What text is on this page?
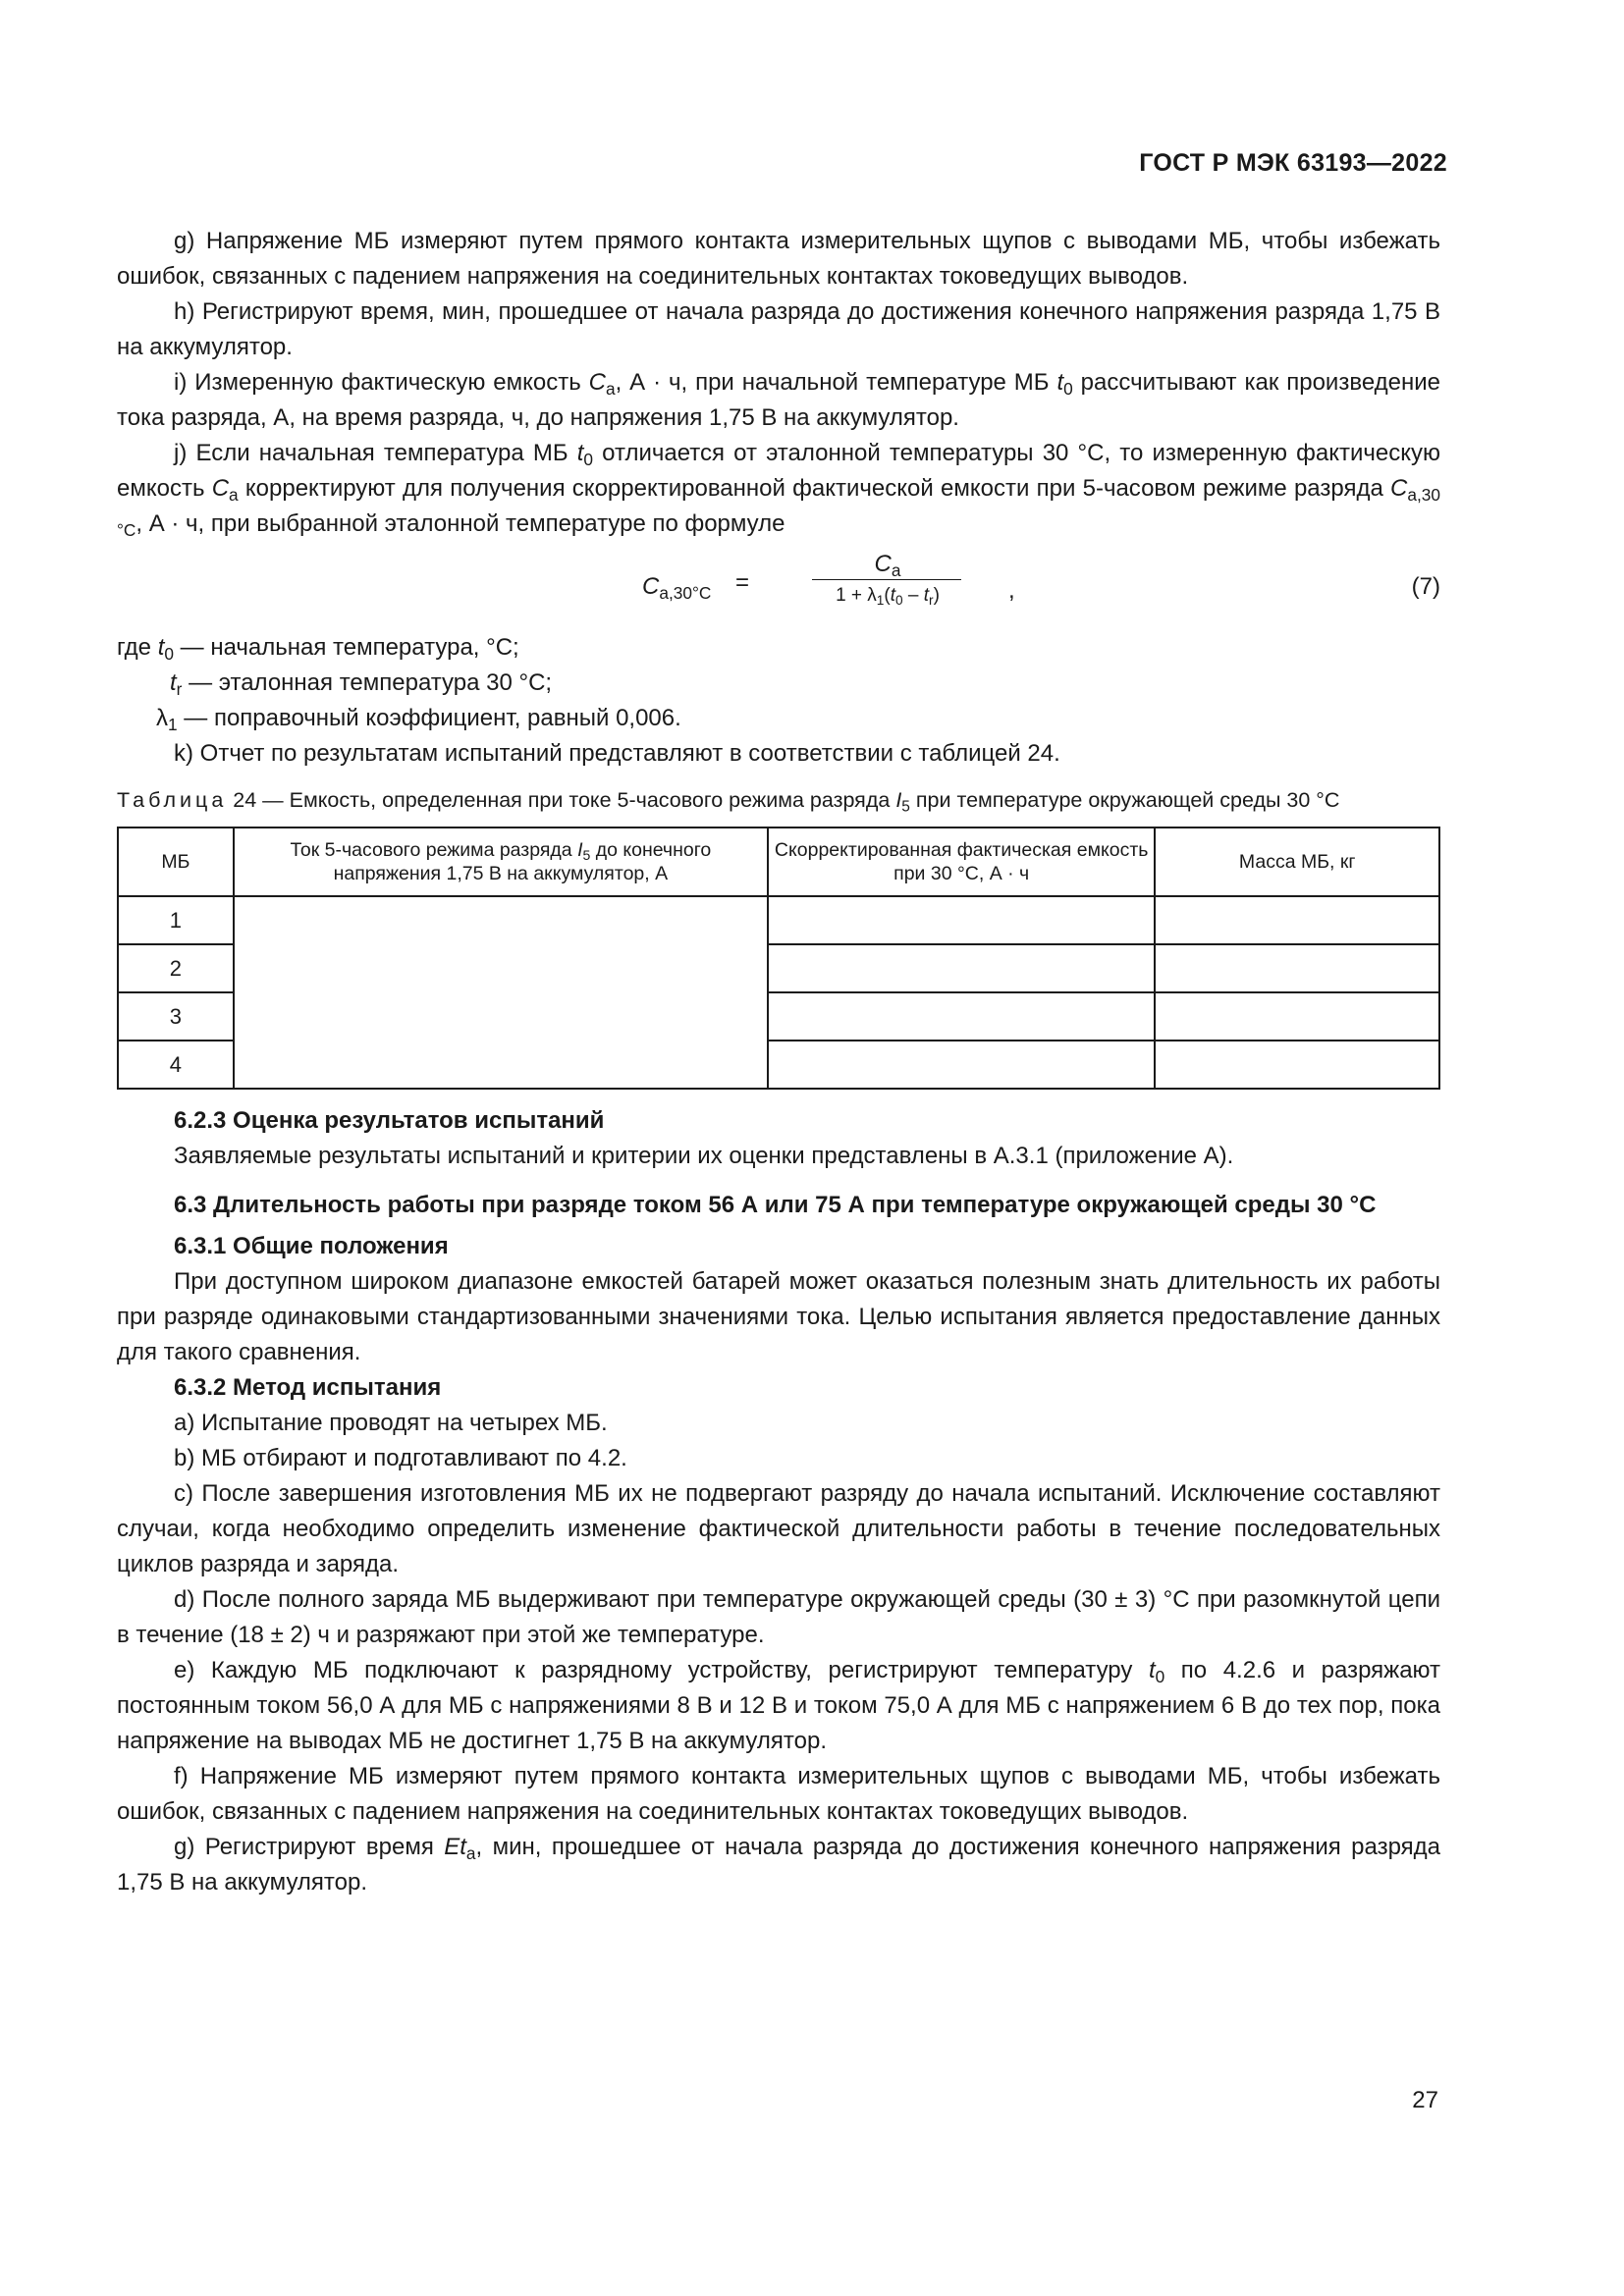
ГОСТ Р МЭК 63193—2022

g) Напряжение МБ измеряют путем прямого контакта измерительных щупов с выводами МБ, чтобы избежать ошибок, связанных с падением напряжения на соединительных контактах токоведущих выводов.

h) Регистрируют время, мин, прошедшее от начала разряда до достижения конечного напряжения разряда 1,75 В на аккумулятор.

i) Измеренную фактическую емкость $C_a$, А · ч, при начальной температуре МБ $t_0$ рассчитывают как произведение тока разряда, А, на время разряда, ч, до напряжения 1,75 В на аккумулятор.

j) Если начальная температура МБ $t_0$ отличается от эталонной температуры 30 °C, то измеренную фактическую емкость $C_a$ корректируют для получения скорректированной фактической емкости при 5-часовом режиме разряда $C_{a,30 ^\circ C}$, А · ч, при выбранной эталонной температуре по формуле

$C_{a,30^\circ C}$ =
$C_a$
$1 + \lambda_1(t_0 - t_r)$	,	(7)
где $t_0$ — начальная температура, °C;
$t_r$ — эталонная температура 30 °C;
$\lambda_1$ — поправочный коэффициент, равный 0,006.

k) Отчет по результатам испытаний представляют в соответствии с таблицей 24.

Таблица 24 — Емкость, определенная при токе 5-часового режима разряда $I_5$ при температуре окружающей среды 30 °C
МБ	Ток 5-часового режима разряда $I_5$ до конечного напряжения 1,75 В на аккумулятор, А	Скорректированная фактическая емкость при 30 °C, А · ч	Масса МБ, кг
1			
2			
3			
4			

6.2.3 Оценка результатов испытаний

Заявляемые результаты испытаний и критерии их оценки представлены в А.3.1 (приложение А).

6.3 Длительность работы при разряде током 56 А или 75 А при температуре окружающей среды 30 °C

6.3.1 Общие положения

При доступном широком диапазоне емкостей батарей может оказаться полезным знать длительность их работы при разряде одинаковыми стандартизованными значениями тока. Целью испытания является предоставление данных для такого сравнения.

6.3.2 Метод испытания

a) Испытание проводят на четырех МБ.

b) МБ отбирают и подготавливают по 4.2.

c) После завершения изготовления МБ их не подвергают разряду до начала испытаний. Исключение составляют случаи, когда необходимо определить изменение фактической длительности работы в течение последовательных циклов разряда и заряда.

d) После полного заряда МБ выдерживают при температуре окружающей среды (30 ± 3) °C при разомкнутой цепи в течение (18 ± 2) ч и разряжают при этой же температуре.

e) Каждую МБ подключают к разрядному устройству, регистрируют температуру $t_0$ по 4.2.6 и разряжают постоянным током 56,0 А для МБ с напряжениями 8 В и 12 В и током 75,0 А для МБ с напряжением 6 В до тех пор, пока напряжение на выводах МБ не достигнет 1,75 В на аккумулятор.

f) Напряжение МБ измеряют путем прямого контакта измерительных щупов с выводами МБ, чтобы избежать ошибок, связанных с падением напряжения на соединительных контактах токоведущих выводов.

g) Регистрируют время $Et_a$, мин, прошедшее от начала разряда до достижения конечного напряжения разряда 1,75 В на аккумулятор.

27
